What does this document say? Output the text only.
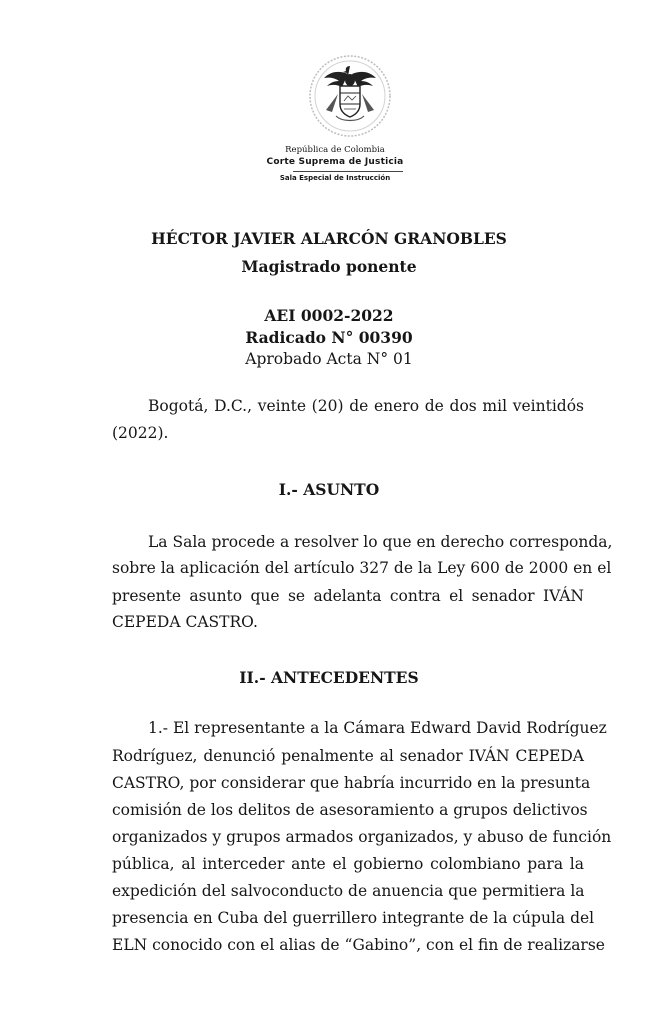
República de Colombia
Corte Suprema de Justicia
Sala Especial de Instrucción
HÉCTOR JAVIER ALARCÓN GRANOBLES
Magistrado ponente
AEI 0002-2022
Radicado N° 00390
Aprobado Acta N° 01
Bogotá, D.C., veinte (20) de enero de dos mil veintidós
(2022).
I.- ASUNTO
La Sala procede a resolver lo que en derecho corresponda,
sobre la aplicación del artículo 327 de la Ley 600 de 2000 en el
presente asunto que se adelanta contra el senador IVÁN
CEPEDA CASTRO.
II.- ANTECEDENTES
1.- El representante a la Cámara Edward David Rodríguez
Rodríguez, denunció penalmente al senador IVÁN CEPEDA
CASTRO, por considerar que habría incurrido en la presunta
comisión de los delitos de asesoramiento a grupos delictivos
organizados y grupos armados organizados, y abuso de función
pública, al interceder ante el gobierno colombiano para la
expedición del salvoconducto de anuencia que permitiera la
presencia en Cuba del guerrillero integrante de la cúpula del
ELN conocido con el alias de “Gabino”, con el fin de realizarse
